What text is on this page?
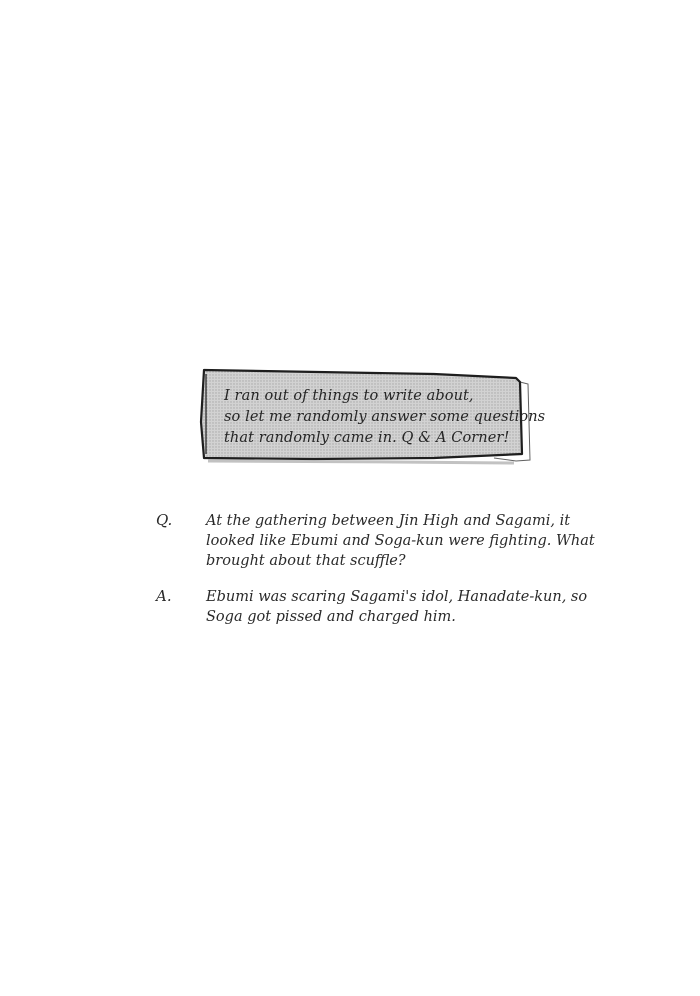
I ran out of things to write about,
so let me randomly answer some questions
that randomly came in. Q & A Corner!
Q. At the gathering between Jin High and Sagami, it
looked like Ebumi and Soga-kun were fighting. What
brought about that scuffle?
A. Ebumi was scaring Sagami's idol, Hanadate-kun, so
Soga got pissed and charged him.
